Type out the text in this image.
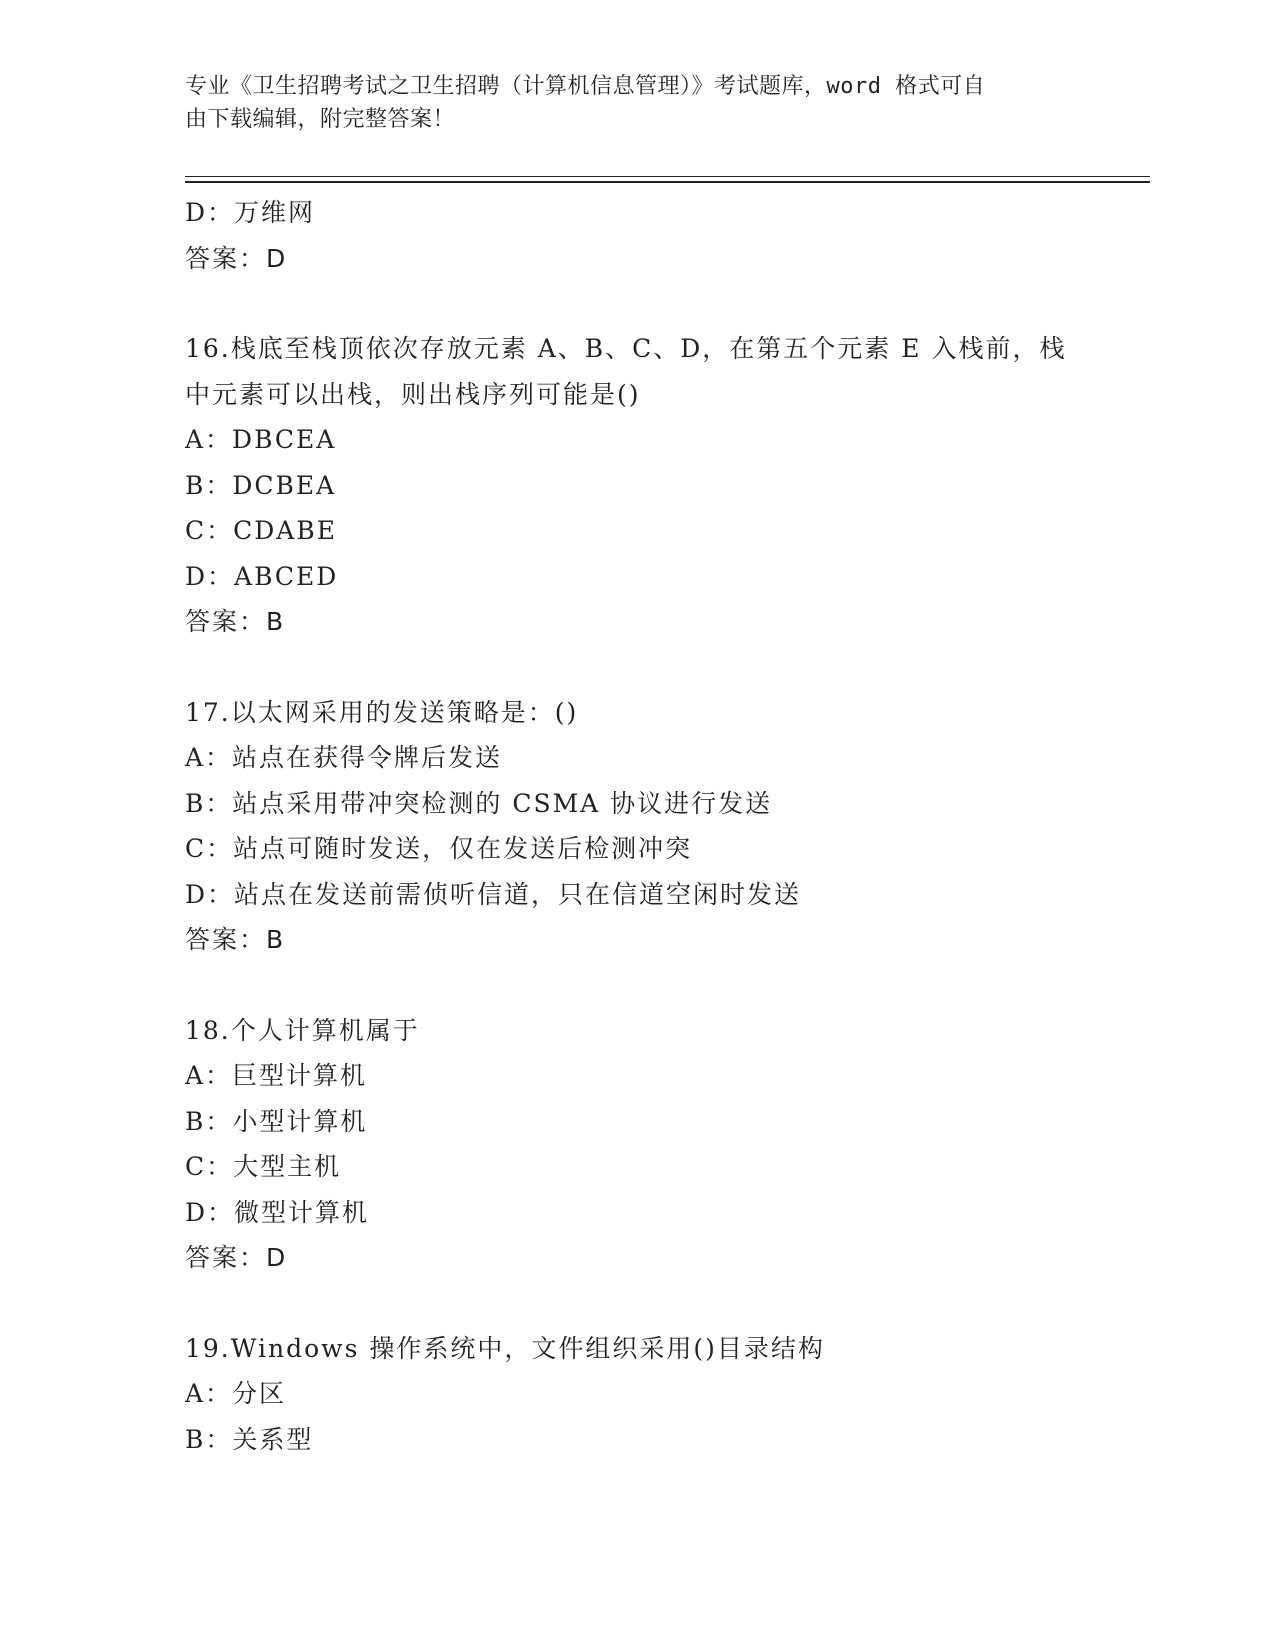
专业《卫生招聘考试之卫生招聘（计算机信息管理）》考试题库，word 格式可自
由下载编辑，附完整答案！
D：万维网
答案：D
16.栈底至栈顶依次存放元素 A、B、C、D，在第五个元素 E 入栈前，栈
中元素可以出栈，则出栈序列可能是()
A：DBCEA
B：DCBEA
C：CDABE
D：ABCED
答案：B
17.以太网采用的发送策略是：()
A：站点在获得令牌后发送
B：站点采用带冲突检测的 CSMA 协议进行发送
C：站点可随时发送，仅在发送后检测冲突
D：站点在发送前需侦听信道，只在信道空闲时发送
答案：B
18.个人计算机属于
A：巨型计算机
B：小型计算机
C：大型主机
D：微型计算机
答案：D
19.Windows 操作系统中，文件组织采用()目录结构
A：分区
B：关系型
